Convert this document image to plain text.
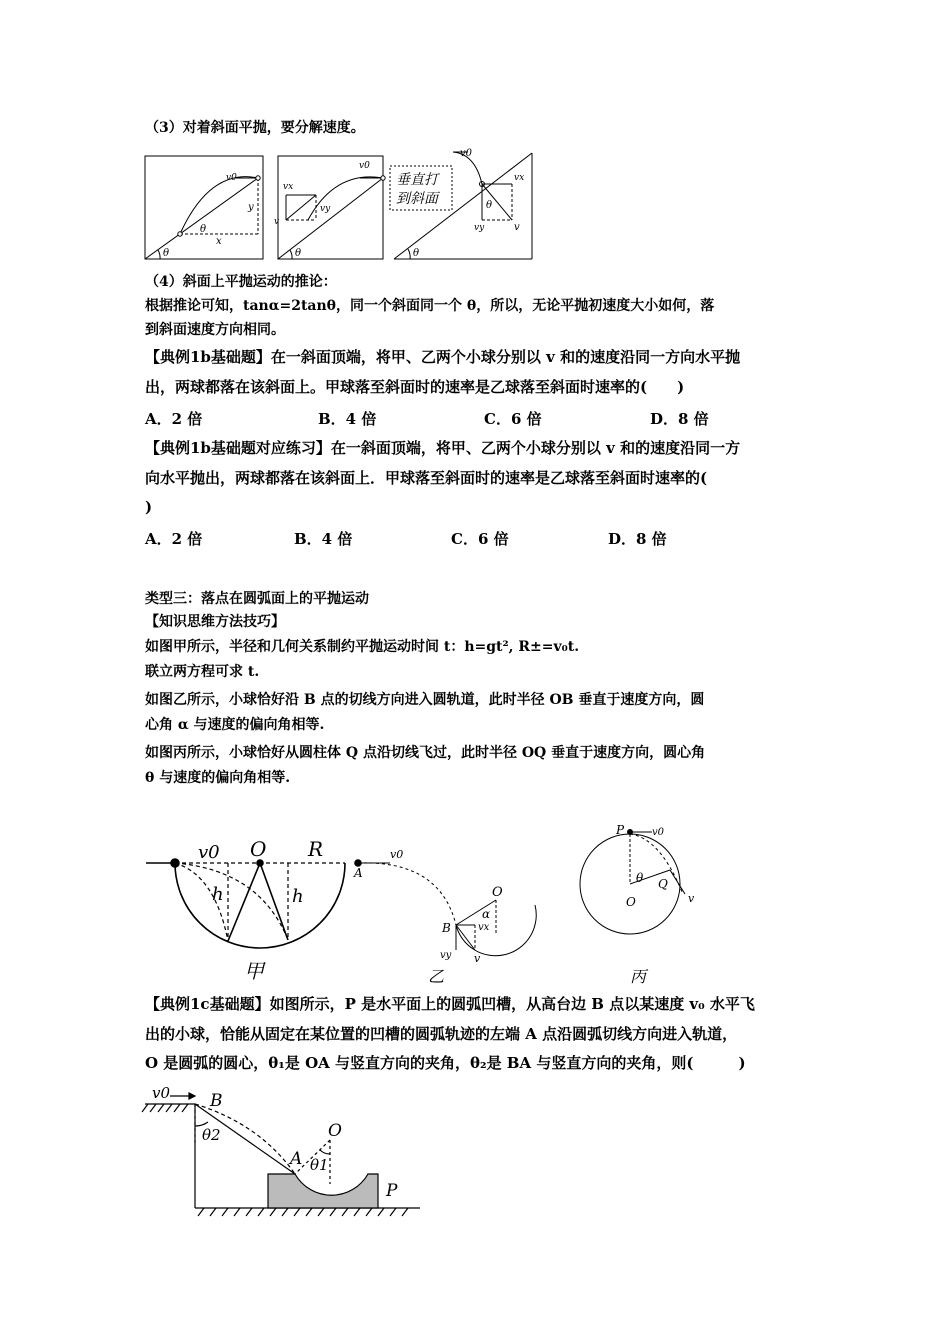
（3）对着斜面平抛，要分解速度。
θ
θ
v0
y
x
θ
v0
vx
vy
v
垂直打
到斜面
v0
vx
θ
vy	v
θ
（4）斜面上平抛运动的推论：
根据推论可知，tanα=2tanθ，同一个斜面同一个 θ，所以，无论平抛初速度大小如何，落
到斜面速度方向相同。
【典例1b基础题】在一斜面顶端，将甲、乙两个小球分别以 v 和的速度沿同一方向水平抛
出，两球都落在该斜面上。甲球落至斜面时的速率是乙球落至斜面时速率的(　　)
A．2 倍	B．4 倍	C．6 倍	D．8 倍
【典例1b基础题对应练习】在一斜面顶端，将甲、乙两个小球分别以 v 和的速度沿同一方
向水平抛出，两球都落在该斜面上．甲球落至斜面时的速率是乙球落至斜面时速率的(
)
A．2 倍	B．4 倍	C．6 倍	D．8 倍
类型三：落点在圆弧面上的平抛运动
【知识思维方法技巧】
如图甲所示，半径和几何关系制约平抛运动时间 t：h=gt², R±=v₀t.
联立两方程可求 t.
如图乙所示，小球恰好沿 B 点的切线方向进入圆轨道，此时半径 OB 垂直于速度方向，圆
心角 α 与速度的偏向角相等.
如图丙所示，小球恰好从圆柱体 Q 点沿切线飞过，此时半径 OQ 垂直于速度方向，圆心角
θ 与速度的偏向角相等.
v0 O R
h	h
甲
v0
A
O
α
B	vx
vy v
乙
P	v0
θ Q
O	v
丙
【典例1c基础题】如图所示，P 是水平面上的圆弧凹槽，从高台边 B 点以某速度 v₀ 水平飞
出的小球，恰能从固定在某位置的凹槽的圆弧轨迹的左端 A 点沿圆弧切线方向进入轨道，
O 是圆弧的圆心，θ₁是 OA 与竖直方向的夹角，θ₂是 BA 与竖直方向的夹角，则(　　　)
v0 B
θ2	O
A θ1
P
